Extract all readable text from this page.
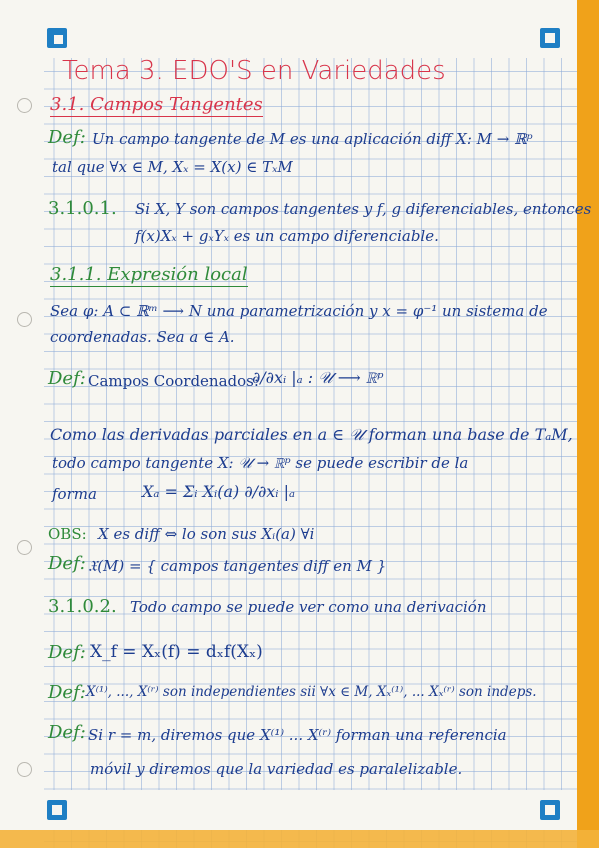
Tema 3. EDO'S en Variedades
3.1. Campos Tangentes
Def: Un campo tangente de M es una aplicación diff X: M → ℝᵖ
tal que ∀x ∈ M, Xₓ = X(x) ∈ TₓM
3.1.0.1. Si X, Y son campos tangentes y f, g diferenciables, entonces
f(x)Xₓ + gₓYₓ es un campo diferenciable.
3.1.1. Expresión local
Sea φ: A ⊂ ℝᵐ ⟶ N una parametrización y x = φ⁻¹ un sistema de
coordenadas. Sea a ∈ A.
Def: Campos Coordenados:
∂/∂xᵢ |ₐ : 𝒰 ⟶ ℝᵖ
Como las derivadas parciales en a ∈ 𝒰 forman una base de TₐM,
todo campo tangente X: 𝒰 → ℝᵖ se puede escribir de la
forma	Xₐ = Σᵢ Xᵢ(a) ∂/∂xᵢ |ₐ
OBS: X es diff ⇔ lo son sus Xᵢ(a) ∀i
Def: 𝔛(M) = { campos tangentes diff en M }
3.1.0.2. Todo campo se puede ver como una derivación
Def: X_f = Xₓ(f) = dₓf(Xₓ)
Def: X⁽¹⁾, ..., X⁽ʳ⁾ son independientes sii ∀x ∈ M, Xₓ⁽¹⁾, ... Xₓ⁽ʳ⁾ son indeps.
Def: Si r = m, diremos que X⁽¹⁾ ... X⁽ʳ⁾ forman una referencia
móvil y diremos que la variedad es paralelizable.
